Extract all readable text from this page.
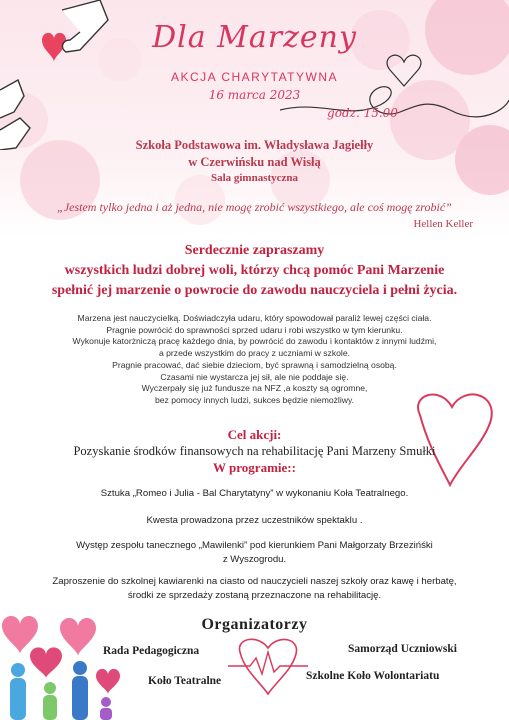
Dla Marzeny
AKCJA CHARYTATYWNA
16 marca 2023
godz. 15.00
Szkoła Podstawowa im. Władysława Jagiełły
w Czerwińsku nad Wisłą
Sala gimnastyczna
„Jestem tylko jedna i aż jedna, nie mogę zrobić wszystkiego, ale coś mogę zrobić”
Hellen Keller
Serdecznie zapraszamy
wszystkich ludzi dobrej woli, którzy chcą pomóc Pani Marzenie
spełnić jej marzenie o powrocie do zawodu nauczyciela i pełni życia.
Marzena jest nauczycielką. Doświadczyła udaru, który spowodował paraliż lewej części ciała.
Pragnie powrócić do sprawności sprzed udaru i robi wszystko w tym kierunku.
Wykonuje katorżniczą pracę każdego dnia, by powrócić do zawodu i kontaktów z innymi ludźmi,
a przede wszystkim do pracy z uczniami w szkole.
Pragnie pracować, dać siebie dzieciom, być sprawną i samodzielną osobą.
Czasami nie wystarcza jej sił, ale nie poddaje się.
Wyczerpały się już fundusze na NFZ ,a koszty są ogromne,
bez pomocy innych ludzi, sukces będzie niemożliwy.
Cel akcji:
Pozyskanie środków finansowych na rehabilitację Pani Marzeny Smułki
W programie::
Sztuka „Romeo i Julia - Bal Charytatyny” w wykonaniu Koła Teatralnego.
Kwesta prowadzona przez uczestników spektaklu .
Występ zespołu tanecznego „Mawilenki” pod kierunkiem Pani Małgorzaty Brzezińśki
z Wyszogrodu.
Zaproszenie do szkolnej kawiarenki na ciasto od nauczycieli naszej szkoły oraz kawę i herbatę,
środki ze sprzedaży zostaną przeznaczone na rehabilitację.
Organizatorzy
Rada Pedagogiczna	Samorząd Uczniowski
Koło Teatralne	Szkolne Koło Wolontariatu
